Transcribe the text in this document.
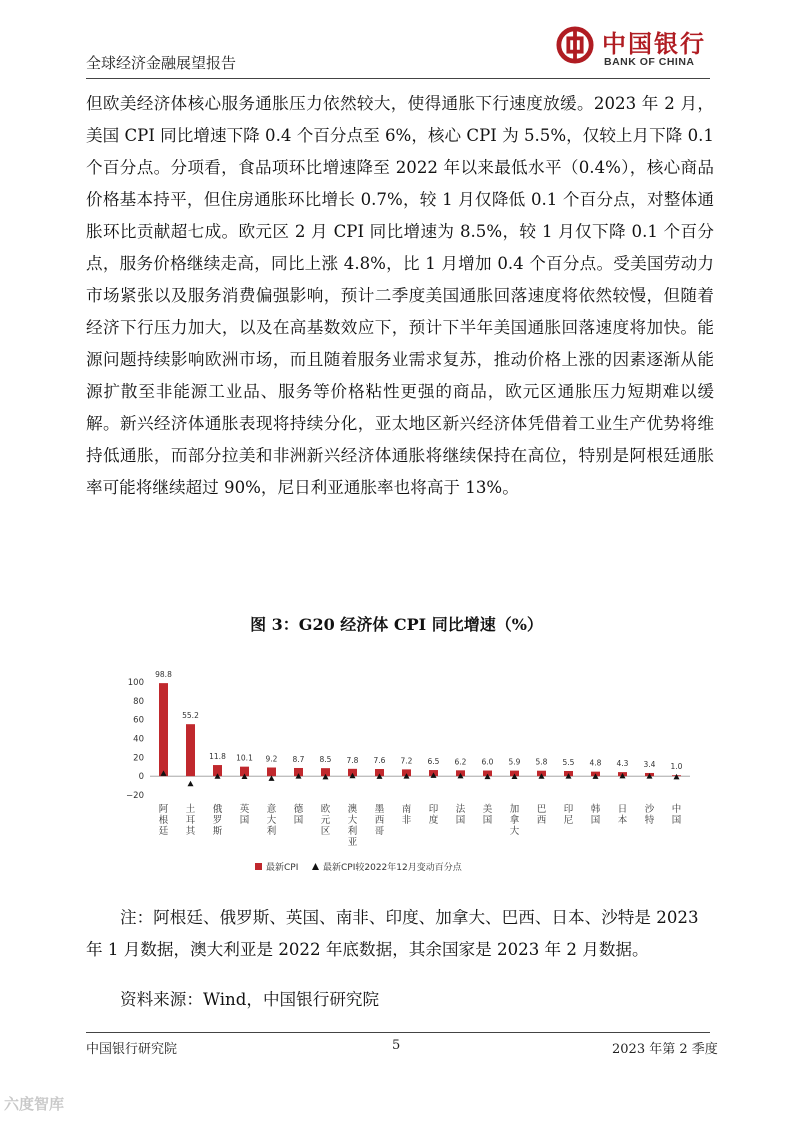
全球经济金融展望报告
中国银行
BANK OF CHINA

但欧美经济体核心服务通胀压力依然较大，使得通胀下行速度放缓。2023 年 2 月，美国 CPI 同比增速下降 0.4 个百分点至 6%，核心 CPI 为 5.5%，仅较上月下降 0.1 个百分点。分项看，食品项环比增速降至 2022 年以来最低水平（0.4%），核心商品价格基本持平，但住房通胀环比增长 0.7%，较 1 月仅降低 0.1 个百分点，对整体通胀环比贡献超七成。欧元区 2 月 CPI 同比增速为 8.5%，较 1 月仅下降 0.1 个百分点，服务价格继续走高，同比上涨 4.8%，比 1 月增加 0.4 个百分点。受美国劳动力市场紧张以及服务消费偏强影响，预计二季度美国通胀回落速度将依然较慢，但随着经济下行压力加大，以及在高基数效应下，预计下半年美国通胀回落速度将加快。能源问题持续影响欧洲市场，而且随着服务业需求复苏，推动价格上涨的因素逐渐从能源扩散至非能源工业品、服务等价格粘性更强的商品，欧元区通胀压力短期难以缓解。新兴经济体通胀表现将持续分化，亚太地区新兴经济体凭借着工业生产优势将维持低通胀，而部分拉美和非洲新兴经济体通胀将继续保持在高位，特别是阿根廷通胀率可能将继续超过 90%，尼日利亚通胀率也将高于 13%。

图 3：G20 经济体 CPI 同比增速（%）
100
80
60
40
20
0
−20
98.8
阿
根
廷
55.2
土
耳
其
11.8
俄
罗
斯
10.1
英
国
9.2
意
大
利
8.7
德
国
8.5
欧
元
区
7.8
澳
大
利
亚
7.6
墨
西
哥
7.2
南
非
6.5
印
度
6.2
法
国
6.0
美
国
5.9
加
拿
大
5.8
巴
西
5.5
印
尼
4.8
韩
国
4.3
日
本
3.4
沙
特
1.0
中
国
最新CPI	最新CPI较2022年12月变动百分点

注：阿根廷、俄罗斯、英国、南非、印度、加拿大、巴西、日本、沙特是 2023 年 1 月数据，澳大利亚是 2022 年底数据，其余国家是 2023 年 2 月数据。

资料来源：Wind，中国银行研究院
中国银行研究院	5	2023 年第 2 季度
六度智库
